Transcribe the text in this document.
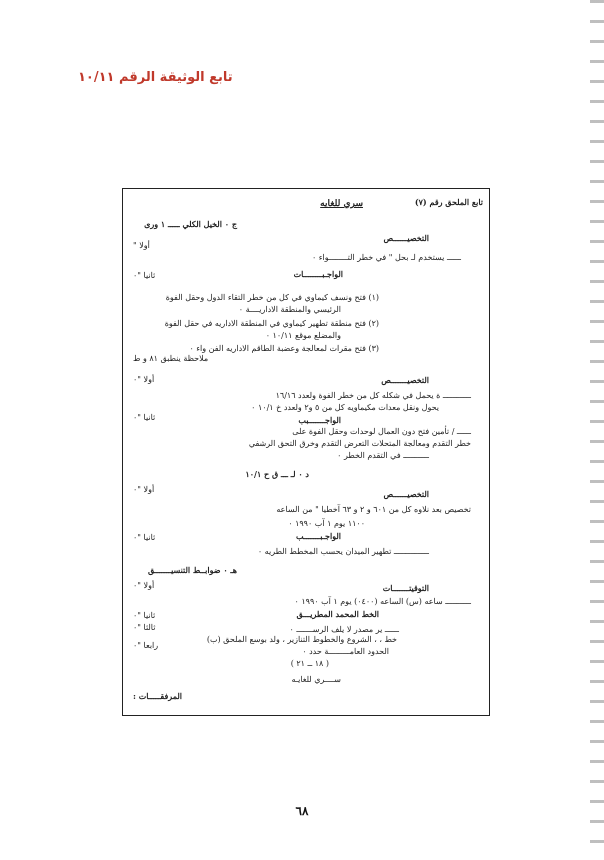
تابع الوثيقة الرقم ١٠/١١
تابع الملحق رقم (٧)
سري للغايه
ج ٠ الخيل الكلي ـــــ ١ ورى
أولا "
التخصيــــــص
ــــــ يستخدم لـ بحل " في خطر التــــــــواء ٠
ثانيا "٠	الواجـبــــــــات
(١) فتح ونسف كيماوي في كل من خطر التقاء الدول وحقل الفوة
الرئيسي والمنطقة الاداريــــة ٠
(٢) فتح منطقة تطهير كيماوي في المنطقة الاداريه في حقل الفوة
والمضلع موقع ١٠/١١ ٠
(٣) فتح مقرات لمعالجة وعضبة الطاقم الاداريه الفن واء ٠
ملاحظة ينطبق ٨١ و ط
أولا "٠	التخصيـــــــص
ــــــــــــ ة يحمل في شكله كل من خطر الفوة ولعدد ١٦/١٦
يحول ونقل معدات مكيماويه كل من ٥ و٢ ولعدد خ ١٠/١ ٠
ثانيا "٠	الواجـــــــبب
ــــــ / تأمين فتح دون العمال لوحدات وحقل الفوة على
خطر التقدم ومعالجة المتحلات التعرض التقدم وخرق التحق الرشفي
ـــــــــــ في التقدم الخطر ٠
د ٠ لـ ـــ ق ح ١٠/١
أولا "٠	التخصيــــــص
تخصيص بعد نلاوه كل من ٦٠١ و ٢ و ٦٣ آخطيا " من الساعه
١١٠٠ يوم ١ آب ١٩٩٠ ٠
ثانيا "٠	الواجـبـــــــب
ـــــــــــــــ تطهير الميدان يحسب المخطط الطريه ٠
هـ ٠ ضوابــط التنسيـــــــق
أولا "٠	التوقيتـــــــات
ـــــــــــ ساعه (س) الساعه (٠٤٠٠) يوم ١ آب ١٩٩٠ ٠
ثانيا "٠	الخط المحمد المطريـــق
ثالثا "٠	ــــــ ير مصدر لا يلف الرســـــــ ٠
رابعا "٠
خط ، ، الشروع والخطوط التنازير ، ولد بوسع الملحق (ب)
الحدود العامـــــــــة حدد ٠
( ١٨ ــ ٢١ )
ســــري للغايـه
المرفقـــــات :
٦٨
